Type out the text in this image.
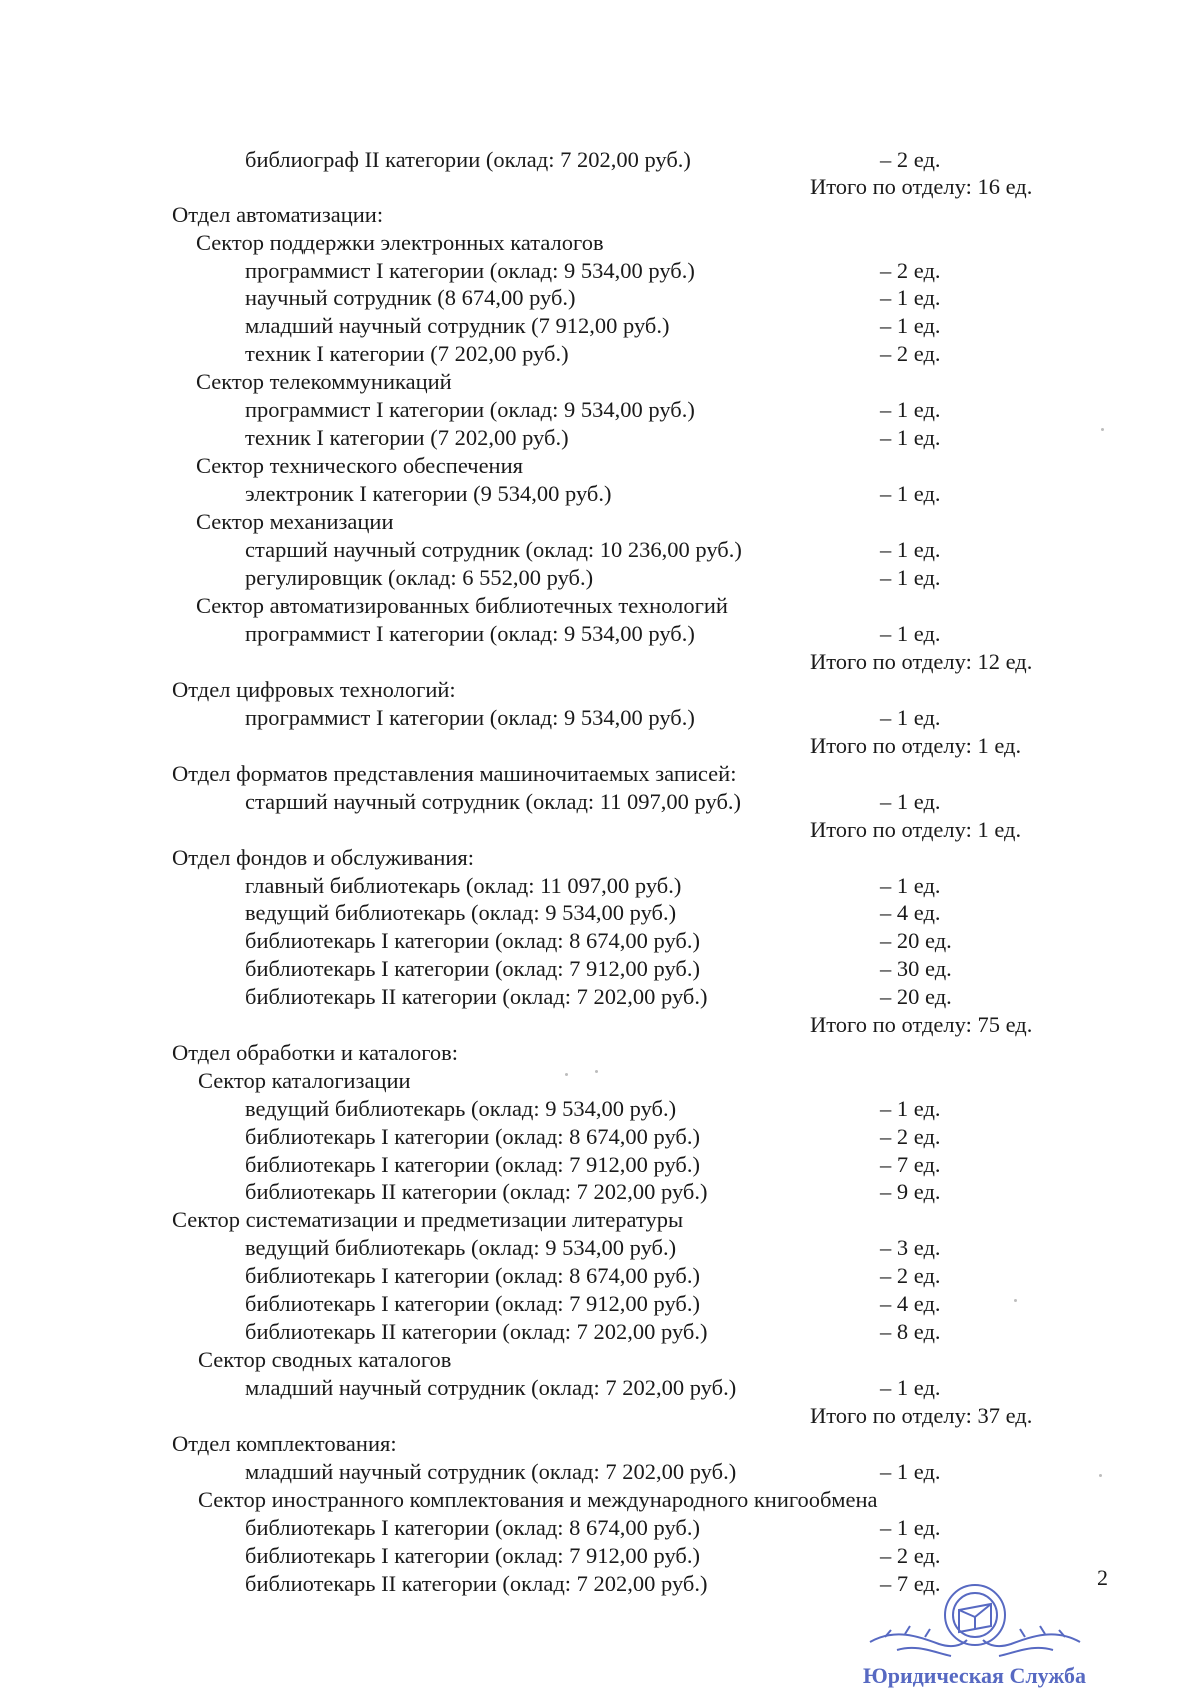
библиограф II категории (оклад: 7 202,00 руб.)	– 2 ед.
Итого по отделу: 16 ед.
Отдел автоматизации:
Сектор поддержки электронных каталогов
программист I категории (оклад: 9 534,00 руб.)	– 2 ед.
научный сотрудник (8 674,00 руб.)	– 1 ед.
младший научный сотрудник (7 912,00 руб.)	– 1 ед.
техник I категории (7 202,00 руб.)	– 2 ед.
Сектор телекоммуникаций
программист I категории (оклад: 9 534,00 руб.)	– 1 ед.
техник I категории (7 202,00 руб.)	– 1 ед.
Сектор технического обеспечения
электроник I категории (9 534,00 руб.)	– 1 ед.
Сектор механизации
старший научный сотрудник (оклад: 10 236,00 руб.)	– 1 ед.
регулировщик (оклад: 6 552,00 руб.)	– 1 ед.
Сектор автоматизированных библиотечных технологий
программист I категории (оклад: 9 534,00 руб.)	– 1 ед.
Итого по отделу: 12 ед.
Отдел цифровых технологий:
программист I категории (оклад: 9 534,00 руб.)	– 1 ед.
Итого по отделу: 1 ед.
Отдел форматов представления машиночитаемых записей:
старший научный сотрудник (оклад: 11 097,00 руб.)	– 1 ед.
Итого по отделу: 1 ед.
Отдел фондов и обслуживания:
главный библиотекарь (оклад: 11 097,00 руб.)	– 1 ед.
ведущий библиотекарь (оклад: 9 534,00 руб.)	– 4 ед.
библиотекарь I категории (оклад: 8 674,00 руб.)	– 20 ед.
библиотекарь I категории (оклад: 7 912,00 руб.)	– 30 ед.
библиотекарь II категории (оклад: 7 202,00 руб.)	– 20 ед.
Итого по отделу: 75 ед.
Отдел обработки и каталогов:
Сектор каталогизации
ведущий библиотекарь (оклад: 9 534,00 руб.)	– 1 ед.
библиотекарь I категории (оклад: 8 674,00 руб.)	– 2 ед.
библиотекарь I категории (оклад: 7 912,00 руб.)	– 7 ед.
библиотекарь II категории (оклад: 7 202,00 руб.)	– 9 ед.
Сектор систематизации и предметизации литературы
ведущий библиотекарь (оклад: 9 534,00 руб.)	– 3 ед.
библиотекарь I категории (оклад: 8 674,00 руб.)	– 2 ед.
библиотекарь I категории (оклад: 7 912,00 руб.)	– 4 ед.
библиотекарь II категории (оклад: 7 202,00 руб.)	– 8 ед.
Сектор сводных каталогов
младший научный сотрудник (оклад: 7 202,00 руб.)	– 1 ед.
Итого по отделу: 37 ед.
Отдел комплектования:
младший научный сотрудник (оклад: 7 202,00 руб.)	– 1 ед.
Сектор иностранного комплектования и международного книгообмена
библиотекарь I категории (оклад: 8 674,00 руб.)	– 1 ед.
библиотекарь I категории (оклад: 7 912,00 руб.)	– 2 ед.
библиотекарь II категории (оклад: 7 202,00 руб.)	– 7 ед.	2
Юридическая Служба
